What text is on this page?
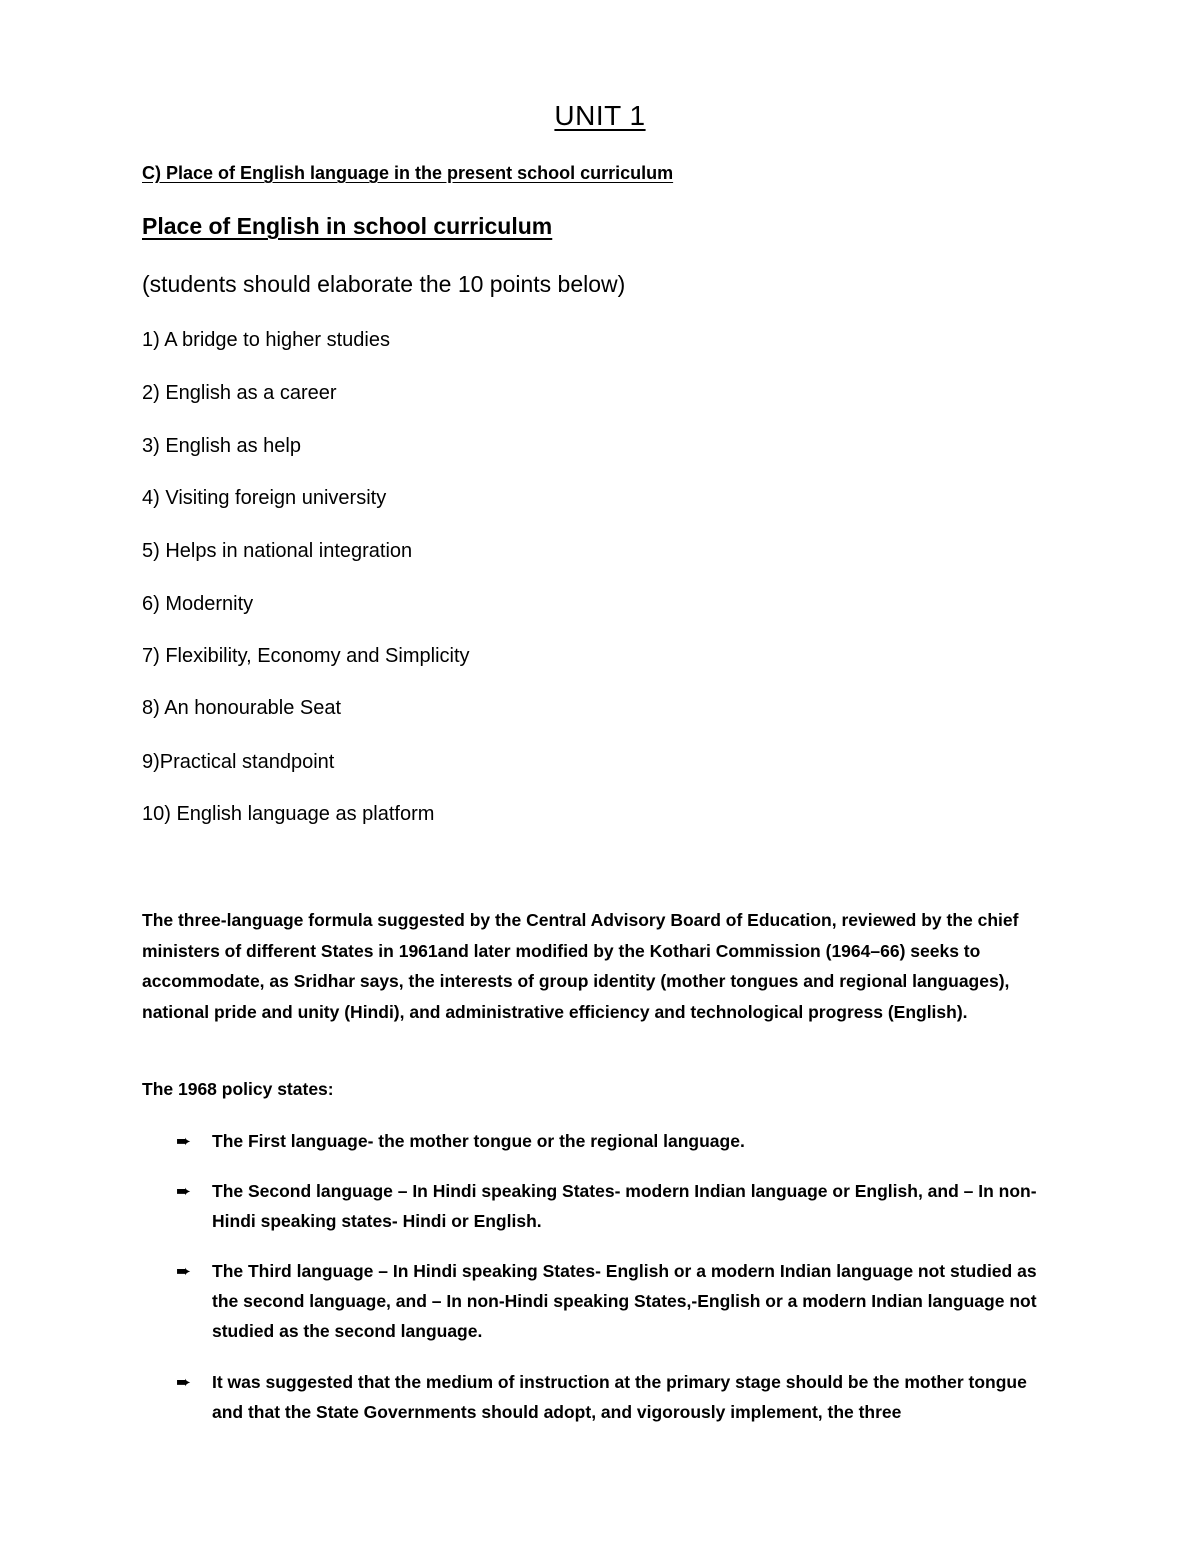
UNIT 1

C) Place of English language in the present school curriculum

Place of English in school curriculum

(students should elaborate the 10 points below)

1) A bridge to higher studies

2) English as a career

3) English as help

4) Visiting foreign university

5) Helps in national integration

6) Modernity

7) Flexibility, Economy and Simplicity

8) An honourable Seat

9)Practical standpoint

10) English language as platform

The three-language formula suggested by the Central Advisory Board of Education, reviewed by the chief ministers of different States in 1961and later modified by the Kothari Commission (1964–66) seeks to accommodate, as Sridhar says, the interests of group identity (mother tongues and regional languages), national pride and unity (Hindi), and administrative efficiency and technological progress (English).

The 1968 policy states:

➨ The First language- the mother tongue or the regional language.

➨ The Second language – In Hindi speaking States- modern Indian language or English, and – In non-Hindi speaking states- Hindi or English.

➨ The Third language – In Hindi speaking States- English or a modern Indian language not studied as the second language, and – In non-Hindi speaking States,-English or a modern Indian language not studied as the second language.

➨ It was suggested that the medium of instruction at the primary stage should be the mother tongue and that the State Governments should adopt, and vigorously implement, the three
